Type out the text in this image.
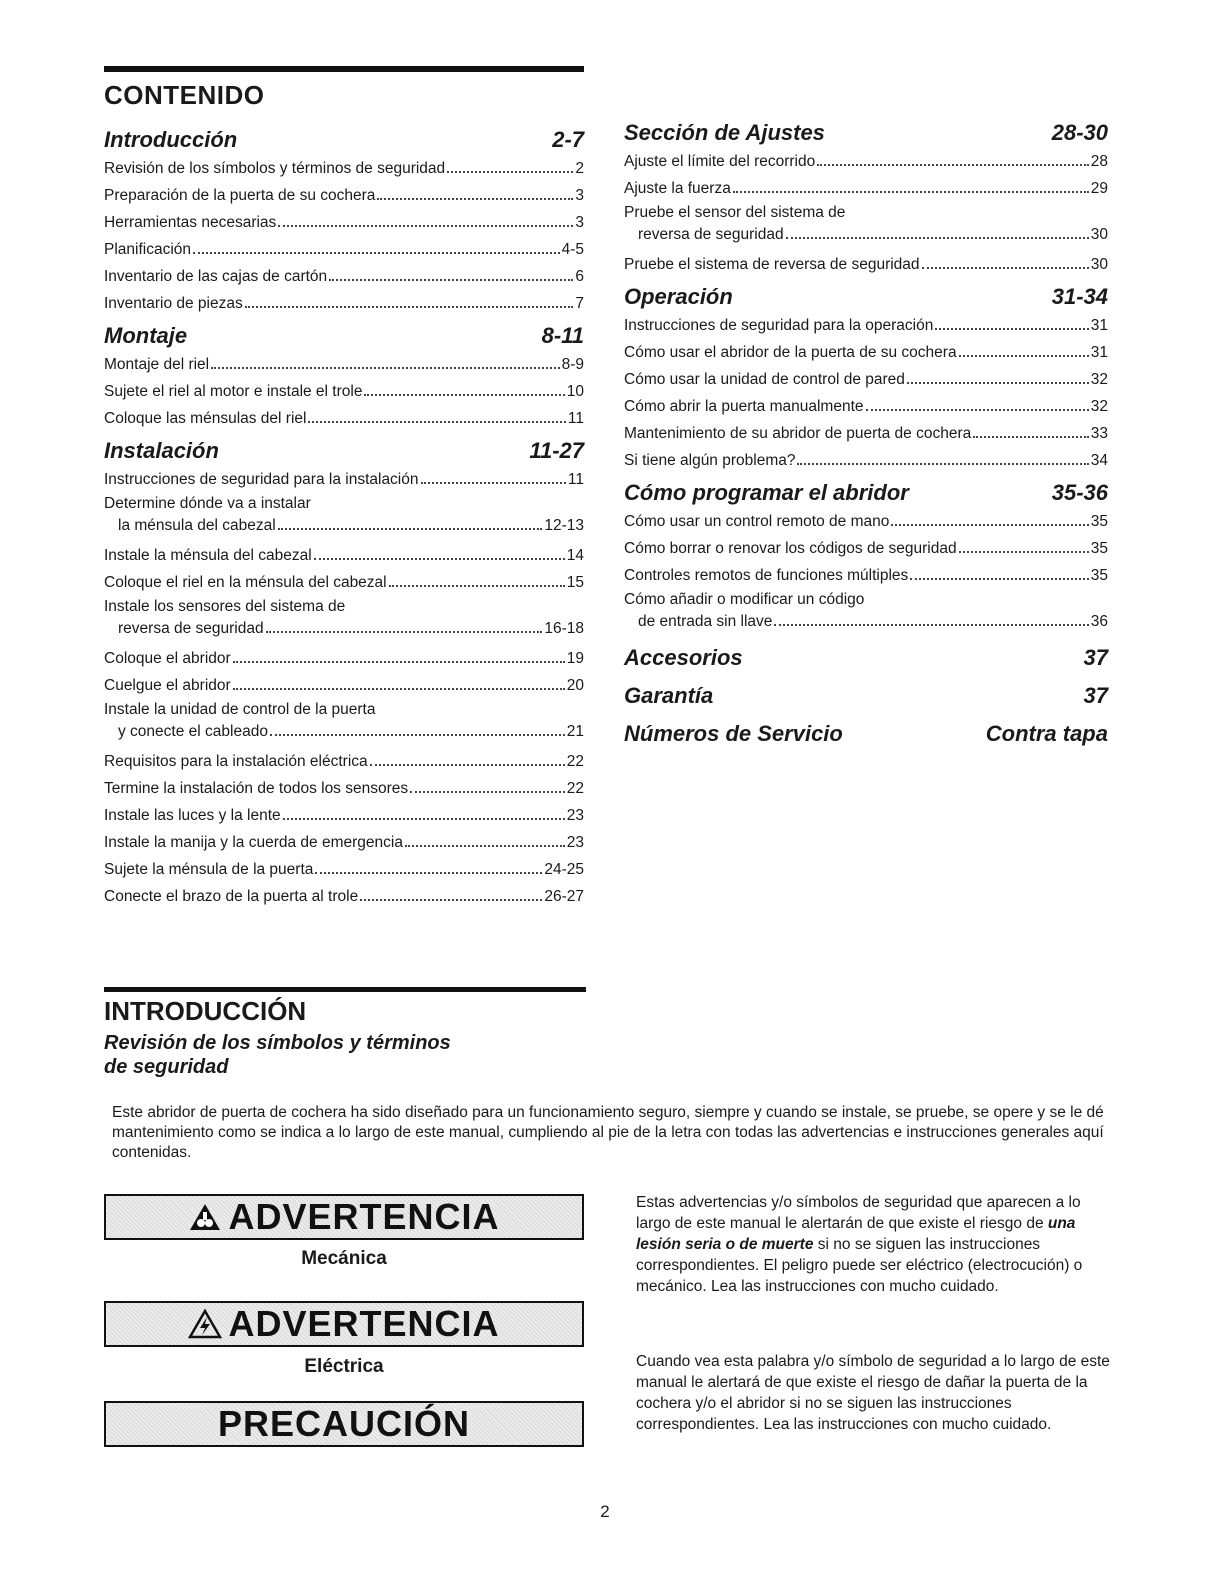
CONTENIDO
Introducción	2-7
Revisión de los símbolos y términos de seguridad	2
Preparación de la puerta de su cochera	3
Herramientas necesarias	3
Planificación	4-5
Inventario de las cajas de cartón	6
Inventario de piezas	7
Montaje	8-11
Montaje del riel	8-9
Sujete el riel al motor e instale el trole	10
Coloque las ménsulas del riel	11
Instalación	11-27
Instrucciones de seguridad para la instalación	11
Determine dónde va a instalar
la ménsula del cabezal	12-13
Instale la ménsula del cabezal	14
Coloque el riel en la ménsula del cabezal	15
Instale los sensores del sistema de
reversa de seguridad	16-18
Coloque el abridor	19
Cuelgue el abridor	20
Instale la unidad de control de la puerta
y conecte el cableado	21
Requisitos para la instalación eléctrica	22
Termine la instalación de todos los sensores	22
Instale las luces y la lente	23
Instale la manija y la cuerda de emergencia	23
Sujete la ménsula de la puerta	24-25
Conecte el brazo de la puerta al trole	26-27
Sección de Ajustes	28-30
Ajuste el límite del recorrido	28
Ajuste la fuerza	29
Pruebe el sensor del sistema de
reversa de seguridad	30
Pruebe el sistema de reversa de seguridad	30
Operación	31-34
Instrucciones de seguridad para la operación	31
Cómo usar el abridor de la puerta de su cochera	31
Cómo usar la unidad de control de pared	32
Cómo abrir la puerta manualmente	32
Mantenimiento de su abridor de puerta de cochera	33
Si tiene algún problema?	34
Cómo programar el abridor	35-36
Cómo usar un control remoto de mano	35
Cómo borrar o renovar los códigos de seguridad	35
Controles remotos de funciones múltiples	35
Cómo añadir o modificar un código
de entrada sin llave	36
Accesorios	37
Garantía	37
Números de Servicio	Contra tapa
INTRODUCCIÓN
Revisión de los símbolos y términos
de seguridad
Este abridor de puerta de cochera ha sido diseñado para un funcionamiento seguro, siempre y cuando se instale, se pruebe, se opere y se le dé mantenimiento como se indica a lo largo de este manual, cumpliendo al pie de la letra con todas las advertencias e instrucciones generales aquí contenidas.
ADVERTENCIA
Mecánica
ADVERTENCIA
Eléctrica
PRECAUCIÓN
Estas advertencias y/o símbolos de seguridad que aparecen a lo largo de este manual le alertarán de que existe el riesgo de una lesión seria o de muerte si no se siguen las instrucciones correspondientes. El peligro puede ser eléctrico (electrocución) o mecánico. Lea las instrucciones con mucho cuidado.
Cuando vea esta palabra y/o símbolo de seguridad a lo largo de este manual le alertará de que existe el riesgo de dañar la puerta de la cochera y/o el abridor si no se siguen las instrucciones correspondientes. Lea las instrucciones con mucho cuidado.
2
